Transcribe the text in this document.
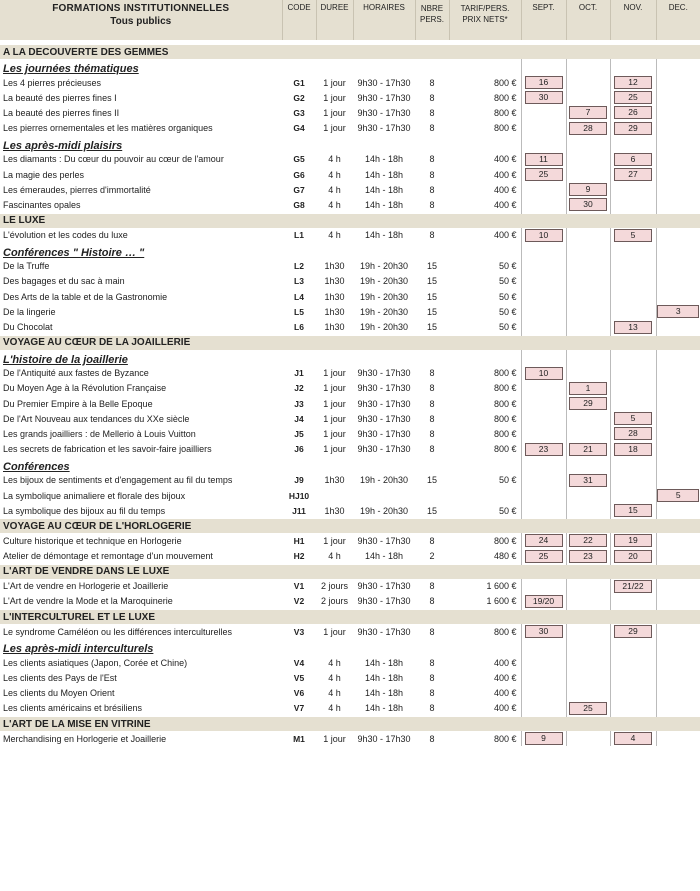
FORMATIONS INSTITUTIONNELLES
Tous publics	CODE	DUREE	HORAIRES	NBRE
PERS.	TARIF/PERS.
PRIX NETS*	SEPT.	OCT.	NOV.	DEC.

A LA DECOUVERTE DES GEMMES									
Les journées thématiques									
Les 4 pierres précieuses	G1	1 jour	9h30 - 17h30	8	800 €	16		12	
La beauté des pierres fines I	G2	1 jour	9h30 - 17h30	8	800 €	30		25	
La beauté des pierres fines II	G3	1 jour	9h30 - 17h30	8	800 €		7	26	
Les pierres ornementales et les matières organiques	G4	1 jour	9h30 - 17h30	8	800 €		28	29	
Les après-midi plaisirs									
Les diamants : Du cœur du pouvoir au cœur de l'amour	G5	4 h	14h - 18h	8	400 €	11		6	
La magie des perles	G6	4 h	14h - 18h	8	400 €	25		27	
Les émeraudes, pierres d'immortalité	G7	4 h	14h - 18h	8	400 €		9		
Fascinantes opales	G8	4 h	14h - 18h	8	400 €		30		
LE LUXE									
L'évolution et les codes du luxe	L1	4 h	14h - 18h	8	400 €	10		5	
Conférences " Histoire … "									
De la Truffe	L2	1h30	19h - 20h30	15	50 €				
Des bagages et du sac à main	L3	1h30	19h - 20h30	15	50 €				
Des Arts de la table et de la Gastronomie	L4	1h30	19h - 20h30	15	50 €				
De la lingerie	L5	1h30	19h - 20h30	15	50 €				3
Du Chocolat	L6	1h30	19h - 20h30	15	50 €			13	
VOYAGE AU CŒUR DE LA JOAILLERIE									
L'histoire de la joaillerie									
De l'Antiquité aux fastes de Byzance	J1	1 jour	9h30 - 17h30	8	800 €	10			
Du Moyen Age à la Révolution Française	J2	1 jour	9h30 - 17h30	8	800 €		1		
Du Premier Empire à la Belle Epoque	J3	1 jour	9h30 - 17h30	8	800 €		29		
De l'Art Nouveau aux tendances du XXe siècle	J4	1 jour	9h30 - 17h30	8	800 €			5	
Les grands joailliers : de Mellerio à Louis Vuitton	J5	1 jour	9h30 - 17h30	8	800 €			28	
Les secrets de fabrication et les savoir-faire joailliers	J6	1 jour	9h30 - 17h30	8	800 €	23	21	18	
Conférences									
Les bijoux de sentiments et d'engagement au fil du temps	J9	1h30	19h - 20h30	15	50 €		31		
La symbolique animaliere et florale des bijoux	HJ10								5
La symbolique des bijoux au fil du temps	J11	1h30	19h - 20h30	15	50 €			15	
VOYAGE AU CŒUR DE L'HORLOGERIE									
Culture historique et technique en Horlogerie	H1	1 jour	9h30 - 17h30	8	800 €	24	22	19	
Atelier de démontage et remontage d'un mouvement	H2	4 h	14h - 18h	2	480 €	25	23	20	
L'ART DE VENDRE DANS LE LUXE									
L'Art de vendre en Horlogerie et Joaillerie	V1	2 jours	9h30 - 17h30	8	1 600 €			21/22	
L'Art de vendre la Mode et la Maroquinerie	V2	2 jours	9h30 - 17h30	8	1 600 €	19/20			
L'INTERCULTUREL ET LE LUXE									
Le syndrome Caméléon ou les différences interculturelles	V3	1 jour	9h30 - 17h30	8	800 €	30		29	
Les après-midi interculturels									
Les clients asiatiques (Japon, Corée et Chine)	V4	4 h	14h - 18h	8	400 €				
Les clients des Pays de l'Est	V5	4 h	14h - 18h	8	400 €				
Les clients du Moyen Orient	V6	4 h	14h - 18h	8	400 €				
Les clients américains et brésiliens	V7	4 h	14h - 18h	8	400 €		25		
L'ART DE LA MISE EN VITRINE									
Merchandising en Horlogerie et Joaillerie	M1	1 jour	9h30 - 17h30	8	800 €	9		4	
